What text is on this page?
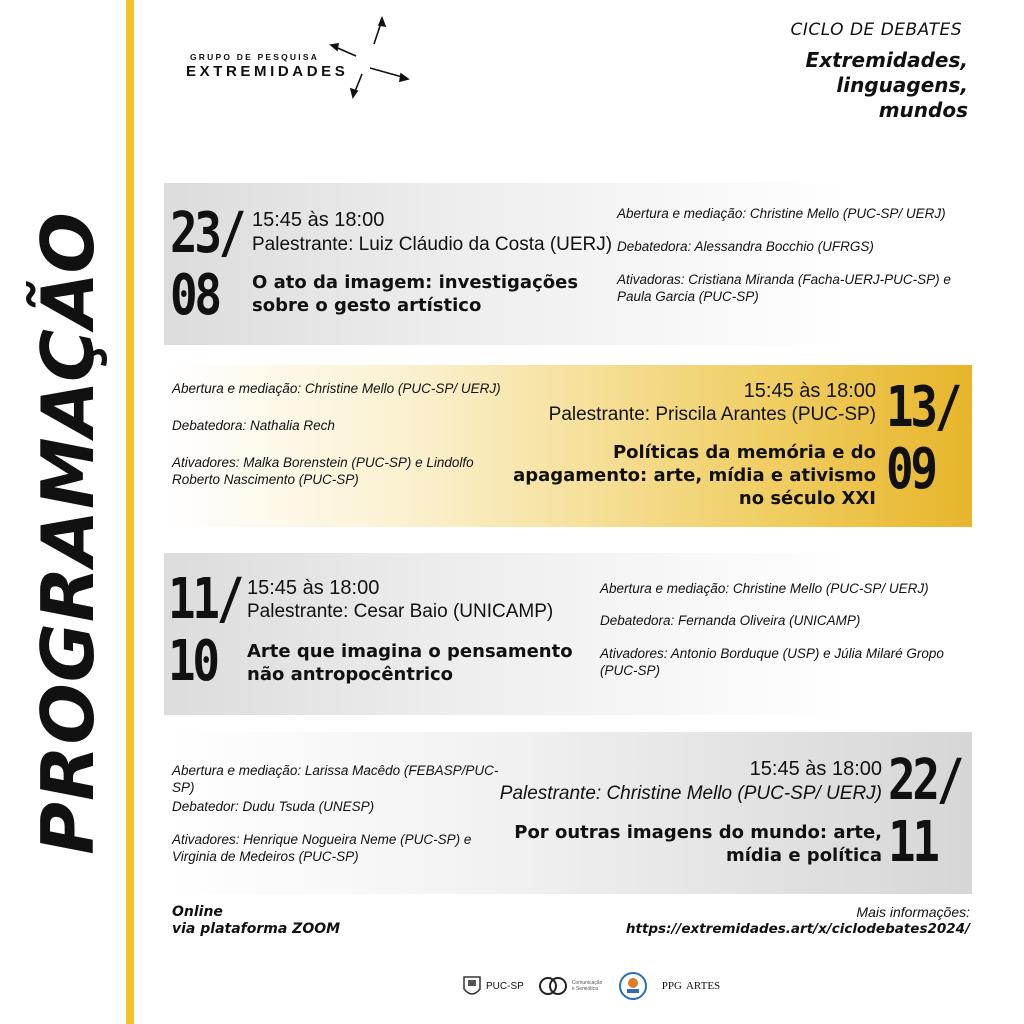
PROGRAMAÇÃO
GRUPO DE PESQUISA
EXTREMIDADES
CICLO DE DEBATES
Extremidades,
linguagens,
mundos
23/
08
15:45 às 18:00
Palestrante: Luiz Cláudio da Costa (UERJ)
O ato da imagem: investigações
sobre o gesto artístico
Abertura e mediação: Christine Mello (PUC-SP/ UERJ)
Debatedora: Alessandra Bocchio (UFRGS)
Ativadoras: Cristiana Miranda (Facha-UERJ-PUC-SP) e Paula Garcia (PUC-SP)
Abertura e mediação: Christine Mello (PUC-SP/ UERJ)
Debatedora: Nathalia Rech
Ativadores: Malka Borenstein (PUC-SP) e Lindolfo Roberto Nascimento (PUC-SP)
15:45 às 18:00
Palestrante: Priscila Arantes (PUC-SP)
Políticas da memória e do
apagamento: arte, mídia e ativismo
no século XXI
13/
09
11/
10
15:45 às 18:00
Palestrante: Cesar Baio (UNICAMP)
Arte que imagina o pensamento
não antropocêntrico
Abertura e mediação: Christine Mello (PUC-SP/ UERJ)
Debatedora: Fernanda Oliveira (UNICAMP)
Ativadores: Antonio Borduque (USP) e Júlia Milaré Gropo (PUC-SP)
Abertura e mediação: Larissa Macêdo (FEBASP/PUC-SP)
Debatedor: Dudu Tsuda (UNESP)
Ativadores: Henrique Nogueira Neme (PUC-SP) e Virginia de Medeiros (PUC-SP)
15:45 às 18:00
Palestrante: Christine Mello (PUC-SP/ UERJ)
Por outras imagens do mundo: arte,
mídia e política
22/
11
Online
via plataforma ZOOM
Mais informações:
https://extremidades.art/x/ciclodebates2024/
PUC-SP	Comunicação e Semiótica	PPG ARTES
